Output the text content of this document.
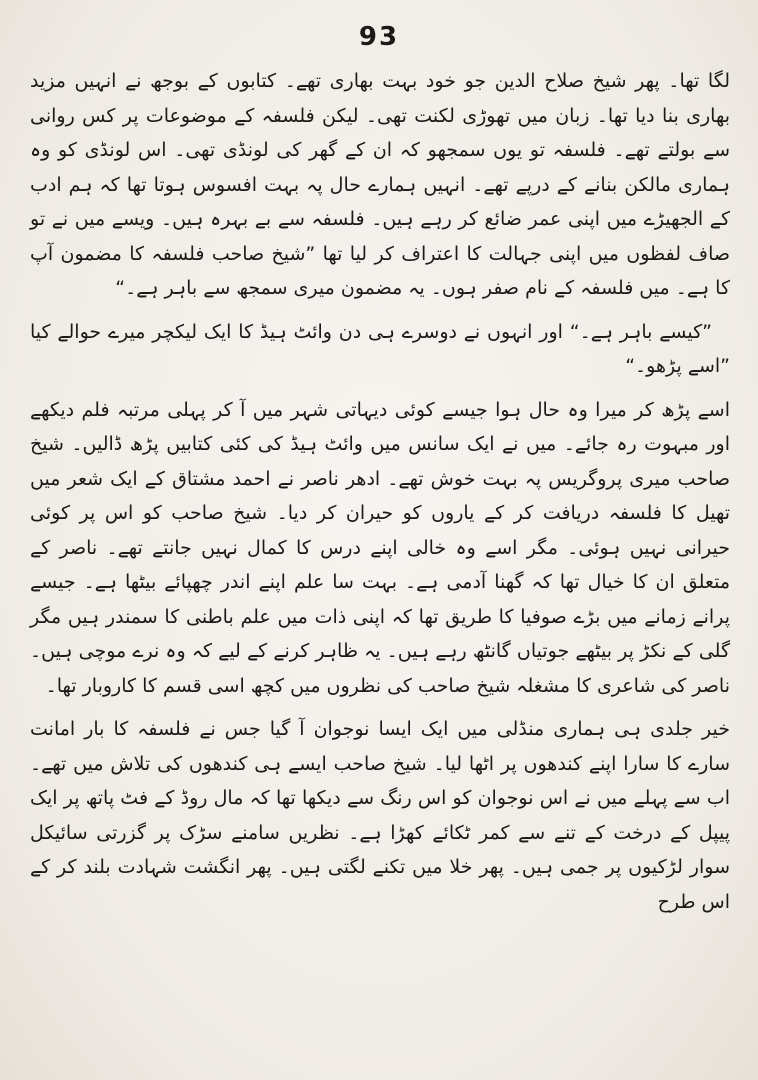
93

لگا تھا۔ پھر شیخ صلاح الدین جو خود بہت بھاری تھے۔ کتابوں کے بوجھ نے انہیں مزید بھاری بنا دیا تھا۔ زبان میں تھوڑی لکنت تھی۔ لیکن فلسفہ کے موضوعات پر کس روانی سے بولتے تھے۔ فلسفہ تو یوں سمجھو کہ ان کے گھر کی لونڈی تھی۔ اس لونڈی کو وہ ہماری مالکن بنانے کے درپے تھے۔ انہیں ہمارے حال پہ بہت افسوس ہوتا تھا کہ ہم ادب کے الجھیڑے میں اپنی عمر ضائع کر رہے ہیں۔ فلسفہ سے بے بہرہ ہیں۔ ویسے میں نے تو صاف لفظوں میں اپنی جہالت کا اعتراف کر لیا تھا ”شیخ صاحب فلسفہ کا مضمون آپ کا ہے۔ میں فلسفہ کے نام صفر ہوں۔ یہ مضمون میری سمجھ سے باہر ہے۔“

”کیسے باہر ہے۔“ اور انہوں نے دوسرے ہی دن وائٹ ہیڈ کا ایک لیکچر میرے حوالے کیا ”اسے پڑھو۔“

اسے پڑھ کر میرا وہ حال ہوا جیسے کوئی دیہاتی شہر میں آ کر پہلی مرتبہ فلم دیکھے اور مبہوت رہ جائے۔ میں نے ایک سانس میں وائٹ ہیڈ کی کئی کتابیں پڑھ ڈالیں۔ شیخ صاحب میری پروگریس پہ بہت خوش تھے۔ ادھر ناصر نے احمد مشتاق کے ایک شعر میں تھیل کا فلسفہ دریافت کر کے یاروں کو حیران کر دیا۔ شیخ صاحب کو اس پر کوئی حیرانی نہیں ہوئی۔ مگر اسے وہ خالی اپنے درس کا کمال نہیں جانتے تھے۔ ناصر کے متعلق ان کا خیال تھا کہ گھنا آدمی ہے۔ بہت سا علم اپنے اندر چھپائے بیٹھا ہے۔ جیسے پرانے زمانے میں بڑے صوفیا کا طریق تھا کہ اپنی ذات میں علم باطنی کا سمندر ہیں مگر گلی کے نکڑ پر بیٹھے جوتیاں گانٹھ رہے ہیں۔ یہ ظاہر کرنے کے لیے کہ وہ نرے موچی ہیں۔ ناصر کی شاعری کا مشغلہ شیخ صاحب کی نظروں میں کچھ اسی قسم کا کاروبار تھا۔

خیر جلدی ہی ہماری منڈلی میں ایک ایسا نوجوان آ گیا جس نے فلسفہ کا بار امانت سارے کا سارا اپنے کندھوں پر اٹھا لیا۔ شیخ صاحب ایسے ہی کندھوں کی تلاش میں تھے۔ اب سے پہلے میں نے اس نوجوان کو اس رنگ سے دیکھا تھا کہ مال روڈ کے فٹ پاتھ پر ایک پیپل کے درخت کے تنے سے کمر ٹکائے کھڑا ہے۔ نظریں سامنے سڑک پر گزرتی سائیکل سوار لڑکیوں پر جمی ہیں۔ پھر خلا میں تکنے لگتی ہیں۔ پھر انگشت شہادت بلند کر کے اس طرح
